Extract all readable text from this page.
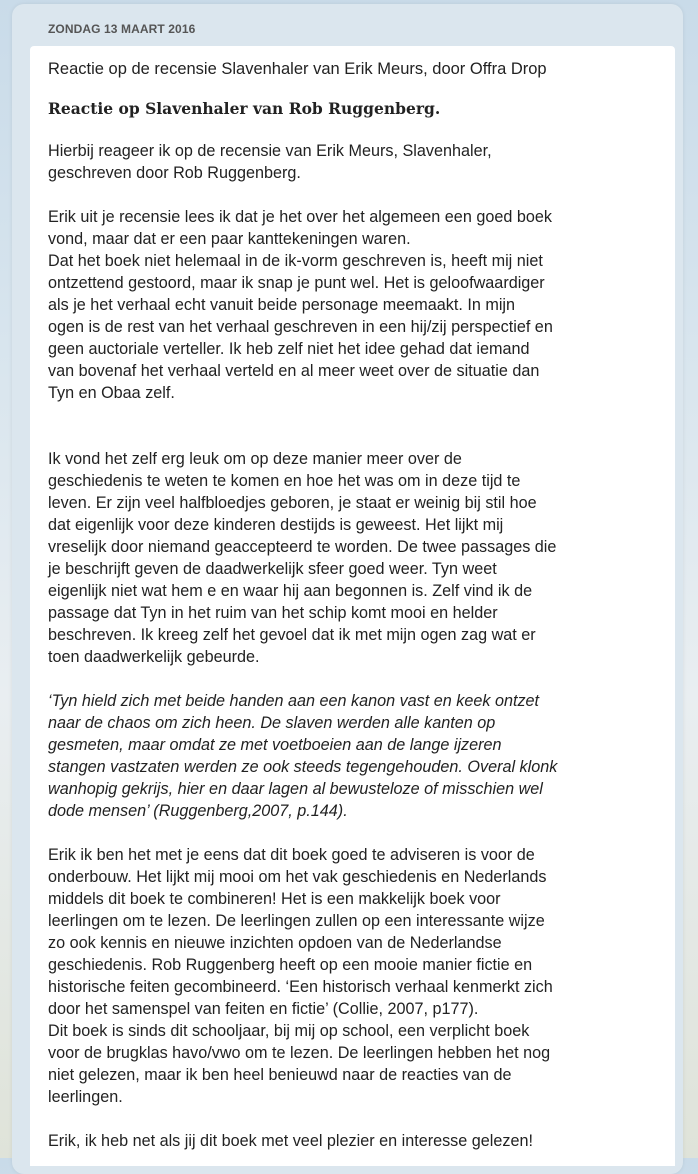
ZONDAG 13 MAART 2016
Reactie op de recensie Slavenhaler van Erik Meurs, door Offra Drop
Reactie op Slavenhaler van Rob Ruggenberg.

Hierbij reageer ik op de recensie van Erik Meurs, Slavenhaler,
geschreven door Rob Ruggenberg.

Erik uit je recensie lees ik dat je het over het algemeen een goed boek
vond, maar dat er een paar kanttekeningen waren.
Dat het boek niet helemaal in de ik-vorm geschreven is, heeft mij niet
ontzettend gestoord, maar ik snap je punt wel. Het is geloofwaardiger
als je het verhaal echt vanuit beide personage meemaakt. In mijn
ogen is de rest van het verhaal geschreven in een hij/zij perspectief en
geen auctoriale verteller. Ik heb zelf niet het idee gehad dat iemand
van bovenaf het verhaal verteld en al meer weet over de situatie dan
Tyn en Obaa zelf.

Ik vond het zelf erg leuk om op deze manier meer over de
geschiedenis te weten te komen en hoe het was om in deze tijd te
leven. Er zijn veel halfbloedjes geboren, je staat er weinig bij stil hoe
dat eigenlijk voor deze kinderen destijds is geweest. Het lijkt mij
vreselijk door niemand geaccepteerd te worden. De twee passages die
je beschrijft geven de daadwerkelijk sfeer goed weer. Tyn weet
eigenlijk niet wat hem e en waar hij aan begonnen is. Zelf vind ik de
passage dat Tyn in het ruim van het schip komt mooi en helder
beschreven. Ik kreeg zelf het gevoel dat ik met mijn ogen zag wat er
toen daadwerkelijk gebeurde.

‘Tyn hield zich met beide handen aan een kanon vast en keek ontzet
naar de chaos om zich heen. De slaven werden alle kanten op
gesmeten, maar omdat ze met voetboeien aan de lange ijzeren
stangen vastzaten werden ze ook steeds tegengehouden. Overal klonk
wanhopig gekrijs, hier en daar lagen al bewusteloze of misschien wel
dode mensen’ (Ruggenberg,2007, p.144).

Erik ik ben het met je eens dat dit boek goed te adviseren is voor de
onderbouw. Het lijkt mij mooi om het vak geschiedenis en Nederlands
middels dit boek te combineren! Het is een makkelijk boek voor
leerlingen om te lezen. De leerlingen zullen op een interessante wijze
zo ook kennis en nieuwe inzichten opdoen van de Nederlandse
geschiedenis. Rob Ruggenberg heeft op een mooie manier fictie en
historische feiten gecombineerd. ‘Een historisch verhaal kenmerkt zich
door het samenspel van feiten en fictie’ (Collie, 2007, p177).
Dit boek is sinds dit schooljaar, bij mij op school, een verplicht boek
voor de brugklas havo/vwo om te lezen. De leerlingen hebben het nog
niet gelezen, maar ik ben heel benieuwd naar de reacties van de
leerlingen.

Erik, ik heb net als jij dit boek met veel plezier en interesse gelezen!
